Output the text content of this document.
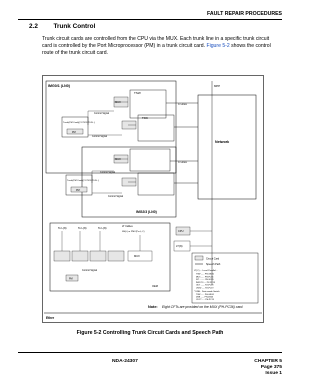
FAULT REPAIR PROCEDURES
2.2 Trunk Control
Trunk circuit cards are controlled from the CPU via the MUX. Each trunk line in a specific trunk circuit card is controlled by the Port Microprocessor (PM) in a trunk circuit card. Figure 5-2 shows the control route of the trunk circuit card.
IMG0/1 (LN0)
TSW
MUX
C Lines
TSW
Trunk(PM Card)(COT/ODT/LN...)
PM
Control Signal
Control Signal
MUX
C Lines
Trunk(PM Card)(COT/ODT/LN...)
PM
Control Signal
Control Signal
IMG2/3 (LN0)
MPP
Network
CPU
LT(N)
To L(N)	To L(N)	To L(N)
LT Cables
SN(L) or PMC(Prs,L,C)
MUX
Control Signal
PM
OEM
Circuit Card
Speech Path
LT(C) ... Local Parallel...
TSW ...... PH-GS0/1
MUX ...... PH-PC36
SIT ......... PH-SC05
INFDTO .... PZ-PC13
ODT ....... PZ-PC13
LKRD ..... PZ-PC19
* DNE : Data mode Switch
TSW ...... PH-GS0/1
DNE ...... PH-DS03
CDCT ..... PH-PC13
Note: Eight CFTs are provided on the MUX (PH-PC36) card.
Ether
Figure 5-2 Controlling Trunk Circuit Cards and Speech Path
NDA-24307	CHAPTER 5
Page 375
Issue 1
